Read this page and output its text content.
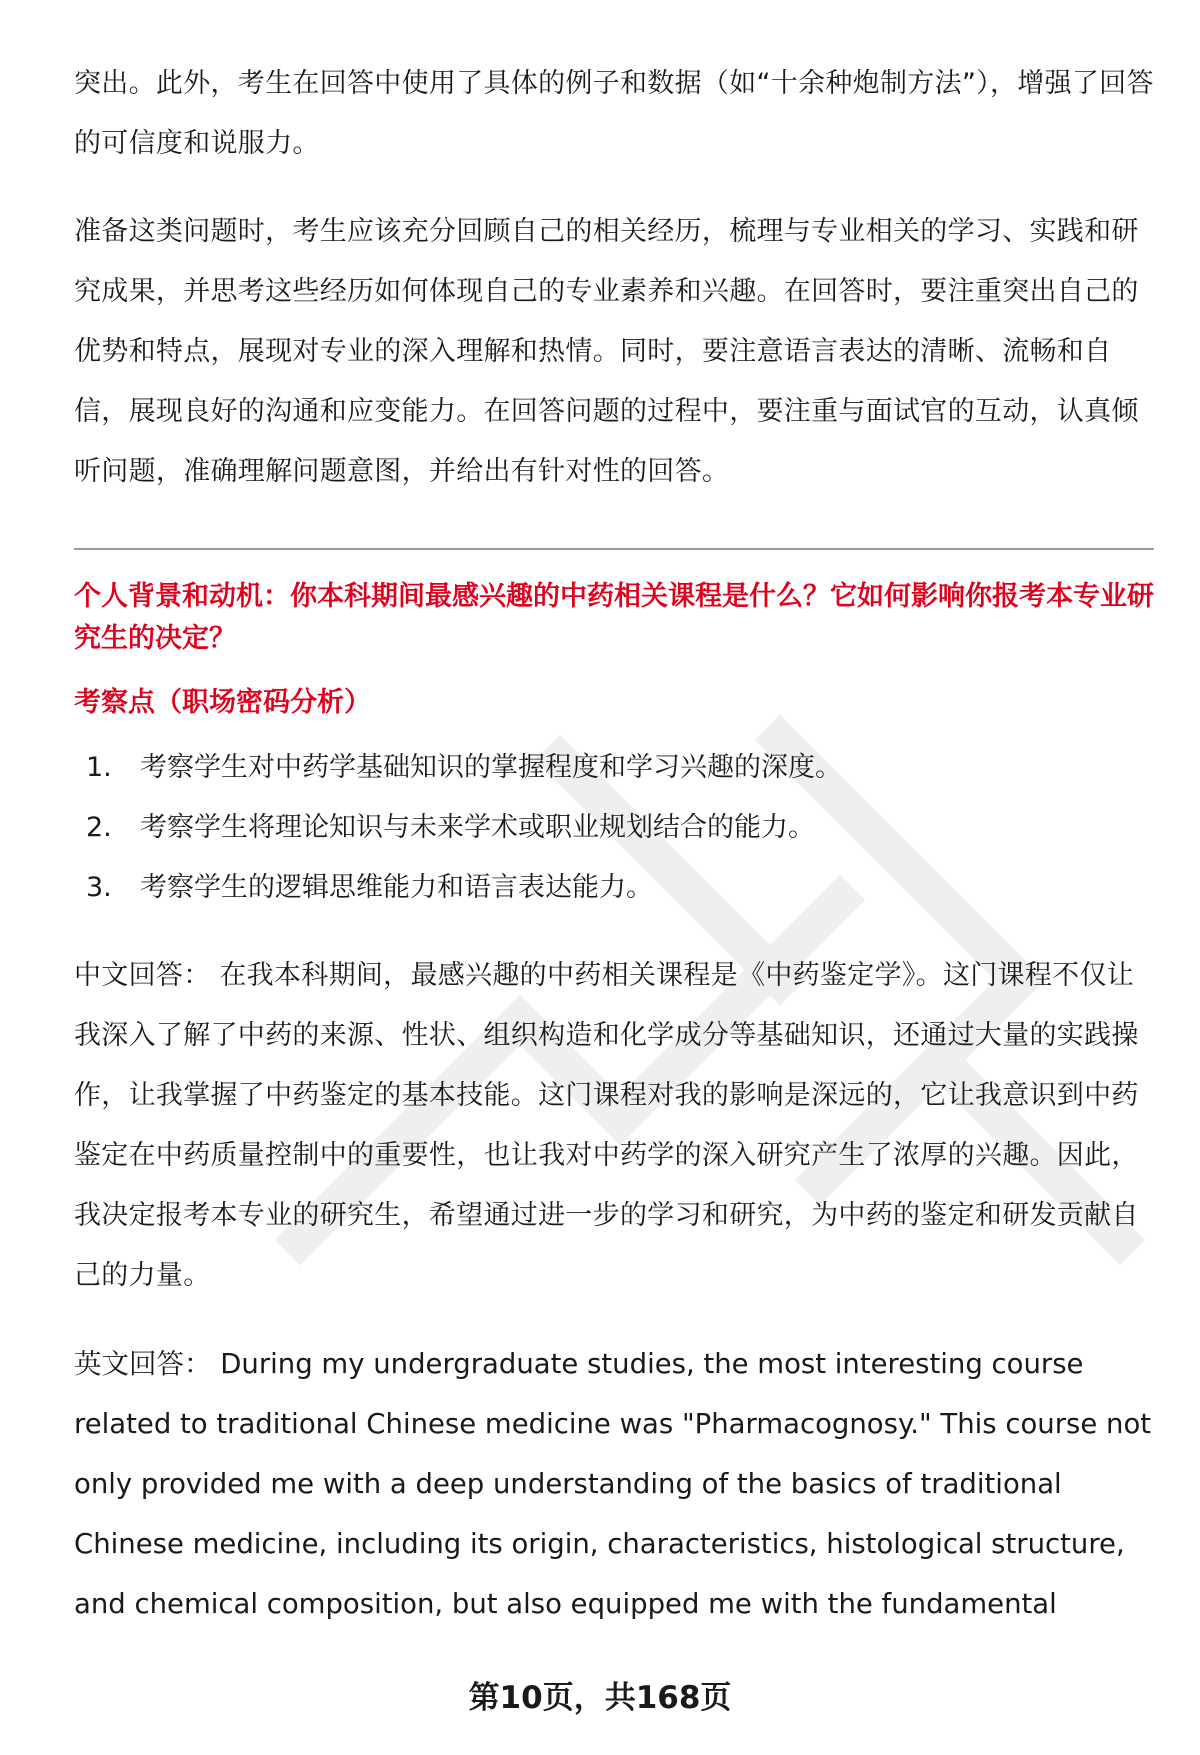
突出。此外，考生在回答中使用了具体的例子和数据（如“十余种炮制方法”），增强了回答的可信度和说服力。

准备这类问题时，考生应该充分回顾自己的相关经历，梳理与专业相关的学习、实践和研究成果，并思考这些经历如何体现自己的专业素养和兴趣。在回答时，要注重突出自己的优势和特点，展现对专业的深入理解和热情。同时，要注意语言表达的清晰、流畅和自信，展现良好的沟通和应变能力。在回答问题的过程中，要注重与面试官的互动，认真倾听问题，准确理解问题意图，并给出有针对性的回答。

个人背景和动机：你本科期间最感兴趣的中药相关课程是什么？它如何影响你报考本专业研究生的决定？

考察点（职场密码分析）

1.	考察学生对中药学基础知识的掌握程度和学习兴趣的深度。
2.	考察学生将理论知识与未来学术或职业规划结合的能力。
3.	考察学生的逻辑思维能力和语言表达能力。

中文回答： 在我本科期间，最感兴趣的中药相关课程是《中药鉴定学》。这门课程不仅让我深入了解了中药的来源、性状、组织构造和化学成分等基础知识，还通过大量的实践操作，让我掌握了中药鉴定的基本技能。这门课程对我的影响是深远的，它让我意识到中药鉴定在中药质量控制中的重要性，也让我对中药学的深入研究产生了浓厚的兴趣。因此，我决定报考本专业的研究生，希望通过进一步的学习和研究，为中药的鉴定和研发贡献自己的力量。

英文回答： During my undergraduate studies, the most interesting course related to traditional Chinese medicine was "Pharmacognosy." This course not only provided me with a deep understanding of the basics of traditional Chinese medicine, including its origin, characteristics, histological structure, and chemical composition, but also equipped me with the fundamental

第10页，共168页
